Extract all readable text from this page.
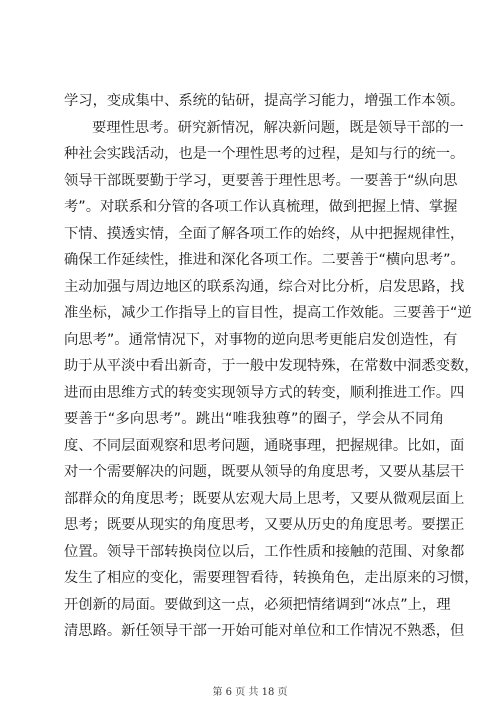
学习，变成集中、系统的钻研，提高学习能力，增强工作本领。
要理性思考。研究新情况，解决新问题，既是领导干部的一
种社会实践活动，也是一个理性思考的过程，是知与行的统一。
领导干部既要勤于学习，更要善于理性思考。一要善于“纵向思
考”。对联系和分管的各项工作认真梳理，做到把握上情、掌握
下情、摸透实情，全面了解各项工作的始终，从中把握规律性，
确保工作延续性，推进和深化各项工作。二要善于“横向思考”。
主动加强与周边地区的联系沟通，综合对比分析，启发思路，找
准坐标，减少工作指导上的盲目性，提高工作效能。三要善于“逆
向思考”。通常情况下，对事物的逆向思考更能启发创造性，有
助于从平淡中看出新奇，于一般中发现特殊，在常数中洞悉变数，
进而由思维方式的转变实现领导方式的转变，顺利推进工作。四
要善于“多向思考”。跳出“唯我独尊”的圈子，学会从不同角
度、不同层面观察和思考问题，通晓事理，把握规律。比如，面
对一个需要解决的问题，既要从领导的角度思考，又要从基层干
部群众的角度思考；既要从宏观大局上思考，又要从微观层面上
思考；既要从现实的角度思考，又要从历史的角度思考。要摆正
位置。领导干部转换岗位以后，工作性质和接触的范围、对象都
发生了相应的变化，需要理智看待，转换角色，走出原来的习惯，
开创新的局面。要做到这一点，必须把情绪调到“冰点”上，理
清思路。新任领导干部一开始可能对单位和工作情况不熟悉，但
第 6 页 共 18 页
